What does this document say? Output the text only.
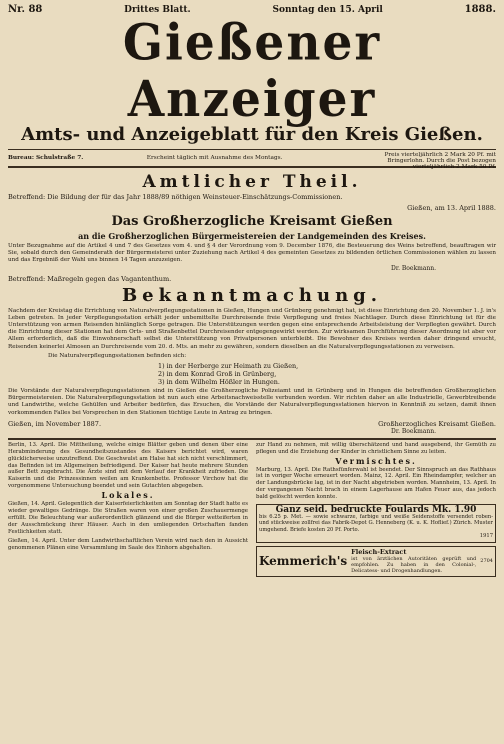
Nr. 88	Drittes Blatt.	Sonntag den 15. April	1888.
Gießener Anzeiger
Amts- und Anzeigeblatt für den Kreis Gießen.
Bureau: Schulstraße 7.	Erscheint täglich mit Ausnahme des Montags.	Preis vierteljährlich 2 Mark 20 Pf. mit Bringerlohn. Durch die Post bezogen vierteljährlich 2 Mark 50 Pf.
Amtlicher Theil.
Betreffend: Die Bildung der für das Jahr 1888/89 nöthigen Weinsteuer-Einschätzungs-Commissionen.
Gießen, am 13. April 1888.
Das Großherzogliche Kreisamt Gießen
an die Großherzoglichen Bürgermeistereien der Landgemeinden des Kreises.
Unter Bezugnahme auf die Artikel 4 und 7 des Gesetzes vom 4. und § 4 der Verordnung vom 9. December 1876, die Besteuerung des Weins betreffend, beauftragen wir Sie, sobald durch den Gemeinderath der Bürgermeisterei unter Zuziehung nach Artikel 4 des gemeinten Gesetzes zu bildenden örtlichen Commissionen wählen zu lassen und das Ergebniß der Wahl uns binnen 14 Tagen anzuzeigen.
Dr. Boekmann.
Betreffend: Maßregeln gegen das Vagantenthum.
Bekanntmachung.
Nachdem der Kreistag die Errichtung von Naturalverpflegungsstationen in Gießen, Hungen und Grünberg genehmigt hat, ist diese Einrichtung den 20. November 1. J. in's Leben getreten. In jeder Verpflegungsstation erhält jeder unbemittelte Durchreisende freie Verpflegung und freies Nachtlager. Durch diese Einrichtung ist für die Unterstützung von armen Reisenden hinlänglich Sorge getragen. Die Unterstützungen werden gegen eine entsprechende Arbeitsleistung der Verpflegten gewährt. Durch die Einrichtung dieser Stationen hat dem Orts- und Straßenbettel Durchreisender entgegengewirkt werden. Zur wirksamen Durchführung dieser Anordnung ist aber vor Allem erforderlich, daß die Einwohnerschaft selbst die Unterstützung von Privatpersonen unterbleibt. Die Bewohner des Kreises werden daher dringend ersucht, Reisenden keinerlei Almosen an Durchreisende vom 20. d. Mts. an mehr zu gewähren, sondern dieselben an die Naturalverpflegungsstationen zu verweisen.
Die Naturalverpflegungsstationen befinden sich:
1) in der Herberge zur Heimath zu Gießen,
2) in dem Konrad Groß in Grünberg,
3) in dem Wilhelm Hößler in Hungen.
Die Vorstände der Naturalverpflegungsstationen sind in Gießen die Großherzogliche Polizeiamt und in Grünberg und in Hungen die betreffenden Großherzoglichen Bürgermeistereien. Die Naturalverpflegungsstation ist nun auch eine Arbeitsnachweisstelle verbunden worden. Wir richten daher an alle Industrielle, Gewerbtreibende und Landwirthe, welche Gehülfen und Arbeiter bedürfen, das Ersuchen, die Vorstände der Naturalverpflegungsstationen hiervon in Kenntniß zu setzen, damit ihnen vorkommenden Falles bei Vorsprechen in den Stationen tüchtige Leute in Antrag zu bringen.
Gießen, im November 1887.	Großherzogliches Kreisamt Gießen.
Dr. Boekmann.
Berlin, 13. April. Die Mittheilung, welche einige Blätter geben und denen über eine Herabminderung des Gesundheitszustandes des Kaisers berichtet wird, waren glücklicherweise unzutreffend. Die Geschwulst am Halse hat sich nicht verschlimmert, das Befinden ist im Allgemeinen befriedigend. Der Kaiser hat heute mehrere Stunden außer Bett zugebracht. Die Ärzte sind mit dem Verlauf der Krankheit zufrieden. Die Kaiserin und die Prinzessinnen weilen am Krankenbette. Professor Virchow hat die vorgenommene Untersuchung beendet und sein Gutachten abgegeben.
Lokales.
Gießen, 14. April. Gelegentlich der Kaiserfeierlichkeiten am Sonntag der Stadt hatte es wieder gewaltiges Gedränge. Die Straßen waren von einer großen Zuschauermenge erfüllt. Die Beleuchtung war außerordentlich glänzend und die Bürger wetteiferten in der Ausschmückung ihrer Häuser. Auch in den umliegenden Ortschaften fanden Festlichkeiten statt.
Gießen, 14. April. Unter dem Landwirthschaftlichen Verein wird nach den in Aussicht genommenen Plänen eine Versammlung im Saale des Einhorn abgehalten.
zur Hand zu nehmen, mit willig überschätzend und hand ausgebend, ihr Gemüth zu pflegen und die Erziehung der Kinder in christlichem Sinne zu leiten.
Vermischtes.
Marburg, 13. April. Die Rathsfünferwahl ist beendet. Der Sinnspruch an das Rathhaus ist in voriger Woche erneuert worden. Mainz, 12. April. Ein Rheindampfer, welcher an der Landungsbrücke lag, ist in der Nacht abgetrieben worden. Mannheim, 13. April. In der vergangenen Nacht brach in einem Lagerhause am Hafen Feuer aus, das jedoch bald gelöscht werden konnte.
Ganz seid. bedruckte Foulards Mk. 1.90
bis 6.25 p. Met. — sowie schwarze, farbige und weiße Seidenstoffe versendet roben- und stückweise zollfrei das Fabrik-Depot G. Henneberg (K. u. K. Hoflief.) Zürich. Muster umgehend. Briefe kosten 20 Pf. Porto.
1917
Kemmerich's
Fleisch-Extract
ist von ärztlichen Autoritäten geprüft und empfohlen. Zu haben in den Colonial-, Delicatess- und Drogenhandlungen.
2704
